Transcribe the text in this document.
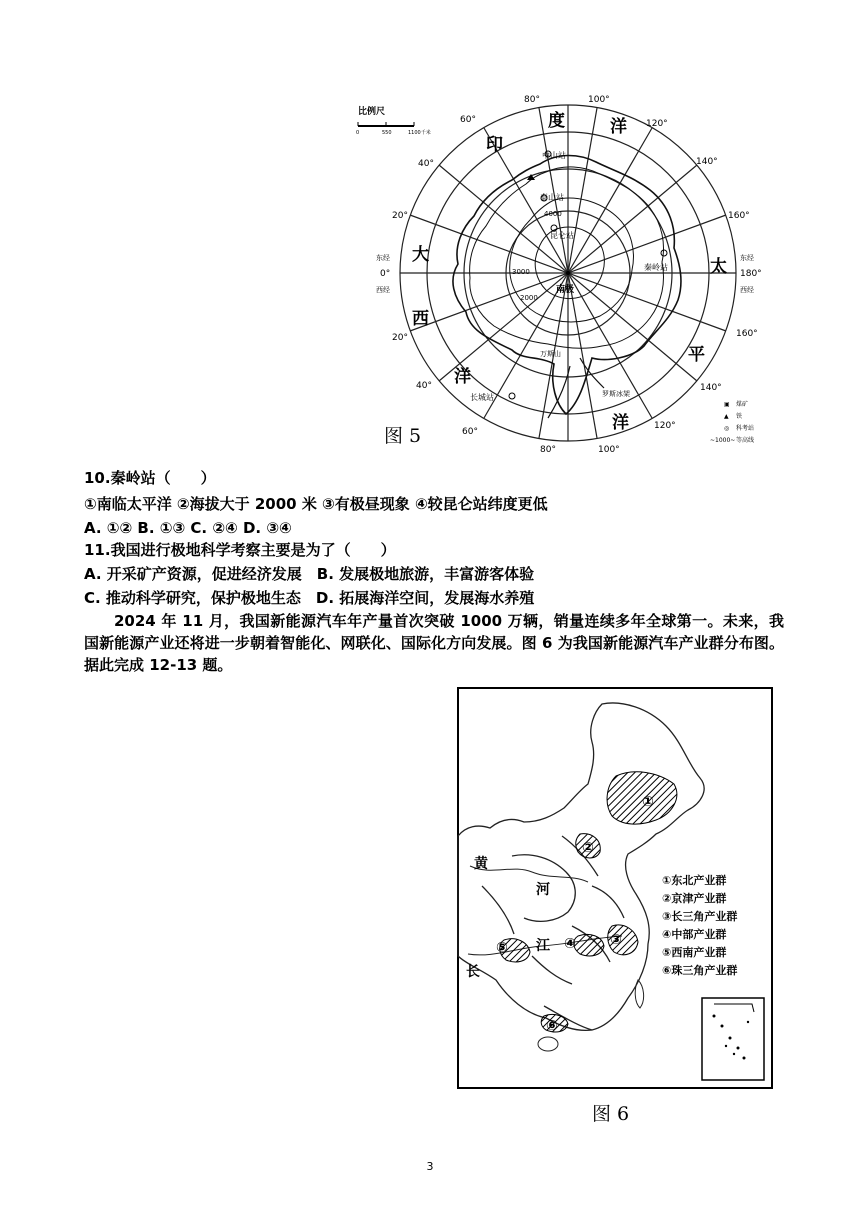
比例尺
0	550	1100千米
4000
3000
2000
南极
中山站
泰山站
昆仑站
秦岭站
长城站
万斯山
罗斯冰架
80°	100°
120°
140°
160°
60°
80°	100°
120°
140°
160°
60°
40°
20°
20°
40°
东经
0°
西经
东经
180°
西经
印
度	洋
大
西
洋
太
平
洋
▣ 煤矿
▲ 铁
◎ 科考站
~1000~ 等高线
图 5
10.秦岭站（　　）
①南临太平洋 ②海拔大于 2000 米 ③有极昼现象 ④较昆仑站纬度更低
A. ①② B. ①③ C. ②④ D. ③④
11.我国进行极地科学考察主要是为了（　　）
A. 开采矿产资源，促进经济发展　B. 发展极地旅游，丰富游客体验
C. 推动科学研究，保护极地生态　D. 拓展海洋空间，发展海水养殖

2024 年 11 月，我国新能源汽车年产量首次突破 1000 万辆，销量连续多年全球第一。未来，我国新能源产业还将进一步朝着智能化、网联化、国际化方向发展。图 6 为我国新能源汽车产业群分布图。据此完成 12-13 题。

①
②
③
④
⑤
⑥
黄
河
长
江
①东北产业群
②京津产业群
③长三角产业群
④中部产业群
⑤西南产业群
⑥珠三角产业群
图 6
3
